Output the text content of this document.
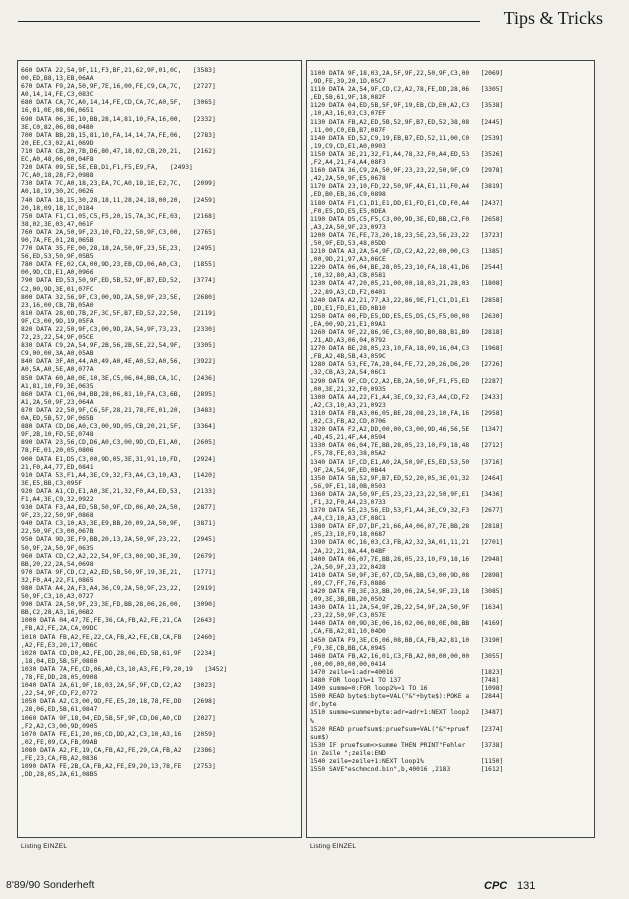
Tips & Tricks
660 DATA 22,54,9F,11,F3,BF,21,62,9F,01,0C,   [3583]
00,ED,B8,13,EB,06AA
670 DATA F9,2A,50,9F,7E,16,00,FE,C9,CA,7C,   [2727]
A0,14,14,FE,C3,083C
680 DATA CA,7C,A0,14,14,FE,CD,CA,7C,A0,5F,   [3065]
16,01,0E,08,06,0651
690 DATA 06,3E,10,BB,28,14,81,10,FA,16,00,   [2332]
3E,C0,82,06,08,0480
700 DATA BB,28,15,81,10,FA,14,14,7A,FE,06,   [2783]
20,EE,C3,02,A1,069D
710 DATA CB,20,7B,D6,80,47,18,02,CB,20,21,   [2162]
EC,A0,48,06,00,04F8
720 DATA 09,5E,5E,EB,D1,F1,F5,E9,FA,   [2493]
7C,A0,18,28,F2,0988
730 DATA 7C,A0,18,23,EA,7C,A0,18,1E,E2,7C,   [2099]
A0,18,19,30,2C,0626
740 DATA 18,15,30,28,18,11,28,24,18,00,20,   [2459]
20,18,09,18,1C,0184
750 DATA F1,C1,05,C5,F5,20,15,7A,3C,FE,03,   [2168]
38,02,3E,03,47,061F
760 DATA 2A,50,9F,23,10,FD,22,50,9F,C3,00,   [2765]
90,7A,FE,01,28,065B
770 DATA 35,FE,00,28,18,2A,50,9F,23,5E,23,   [2495]
56,ED,53,50,9F,05B5
780 DATA FE,02,CA,00,9D,23,EB,CD,06,A0,C3,   [1855]
00,9D,CD,E1,A0,0966
790 DATA ED,53,50,9F,ED,5B,52,9F,B7,ED,52,   [3774]
C2,00,9D,3E,01,07FC
800 DATA 32,56,9F,C3,00,9D,2A,50,9F,23,5E,   [2680]
23,16,00,CB,7B,05A0
810 DATA 28,0D,7B,2F,3C,5F,B7,ED,52,22,50,   [2119]
9F,C3,00,9D,19,05FA
820 DATA 22,50,9F,C3,00,9D,2A,54,9F,73,23,   [2330]
72,23,22,54,9F,05CE
830 DATA C9,2A,54,9F,2B,56,2B,5E,22,54,9F,   [3305]
C9,00,00,3A,A0,05AB
840 DATA 3F,A0,44,A0,49,A0,4E,A0,52,A0,56,   [3922]
A0,5A,A0,5E,A0,077A
850 DATA 60,A0,0E,10,3E,C5,06,04,BB,CA,1C,   [2436]
A1,81,10,F9,3E,0635
860 DATA C1,06,04,BB,28,06,81,10,FA,C3,6B,   [2895]
A1,2A,50,9F,23,064A
870 DATA 22,50,9F,C6,5F,28,21,78,FE,01,20,   [3483]
0A,ED,5B,57,9F,065B
880 DATA CD,D6,A0,C3,00,9D,05,CB,20,21,5F,   [3364]
9F,2B,10,FD,5E,0748
890 DATA 23,56,CD,D6,A0,C3,00,9D,CD,E1,A0,   [2605]
78,FE,01,20,05,0806
900 DATA E1,D5,C3,00,9D,05,3E,31,91,10,FD,   [2924]
21,F0,A4,77,ED,0841
910 DATA 53,F1,A4,3E,C9,32,F3,A4,C3,10,A3,   [1420]
3E,E5,BB,C3,095F
920 DATA A1,CD,E1,A0,3E,21,32,F0,A4,ED,53,   [2133]
F1,A4,3E,C9,32,0922
930 DATA F3,A4,ED,5B,50,9F,CD,06,A0,2A,50,   [2877]
9F,23,22,50,9F,0868
940 DATA C3,10,A3,3E,E9,BB,20,09,2A,50,9F,   [3871]
22,50,9F,C3,00,067B
950 DATA 9D,3E,F9,BB,20,13,2A,50,9F,23,22,   [2945]
50,9F,2A,50,9F,0635
960 DATA CD,C2,A2,22,54,9F,C3,00,9D,3E,39,   [2679]
BB,20,22,2A,54,0698
970 DATA 9F,CD,C2,A2,ED,5B,50,9F,19,3E,21,   [1771]
32,F0,A4,22,F1,0865
980 DATA A4,2A,F3,A4,36,C9,2A,50,9F,23,22,   [2919]
50,9F,C3,10,A3,0727
990 DATA 2A,50,9F,23,3E,FD,BB,28,06,26,00,   [3090]
BB,C2,28,A3,16,06B2
1000 DATA 04,47,7E,FE,36,CA,FB,A2,FE,21,CA   [2643]
,FB,A2,FE,2A,CA,09DC
1010 DATA FB,A2,FE,22,CA,FB,A2,FE,CB,CA,FB   [2460]
,A2,FE,E3,20,17,0B6C
1020 DATA CD,D0,A2,FE,DD,28,06,ED,5B,61,9F   [2234]
,18,04,ED,5B,5F,0860
1030 DATA 7A,FE,CD,06,A0,C3,10,A3,FE,F9,20,19   [3452]
,78,FE,DD,28,05,0908
1040 DATA 2A,61,9F,18,03,2A,5F,9F,CD,C2,A2   [3023]
,22,54,9F,CD,F2,0772
1050 DATA A2,C3,00,9D,FE,E5,20,18,78,FE,DD   [2698]
,28,06,ED,5B,61,0847
1060 DATA 9F,18,04,ED,5B,5F,9F,CD,D6,A0,CD   [2027]
,F2,A2,C3,00,9D,0905
1070 DATA FE,E1,20,06,CD,DD,A2,C3,10,A3,16   [2059]
,02,FE,09,CA,FB,09AB
1080 DATA A2,FE,19,CA,FB,A2,FE,29,CA,FB,A2   [2386]
,FE,23,CA,FB,A2,0836
1090 DATA FE,2B,CA,FB,A2,FE,E9,20,13,78,FE   [2753]
,DD,28,05,2A,61,08B5
Listing EINZEL
1100 DATA 9F,18,03,2A,5F,9F,22,50,9F,C3,00   [2069]
,9D,FE,39,20,1D,05C7
1110 DATA 2A,54,9F,CD,C2,A2,78,FE,DD,28,06   [3305]
,ED,5B,61,9F,18,082F
1120 DATA 04,ED,5B,5F,9F,19,EB,CD,E0,A2,C3   [3538]
,10,A3,16,03,C3,07EF
1130 DATA FB,A2,ED,5B,52,9F,B7,ED,52,38,08   [2445]
,11,00,C0,EB,B7,087F
1140 DATA ED,52,C9,19,EB,B7,ED,52,11,00,C0   [2539]
,19,C9,CD,E1,A0,0903
1150 DATA 3E,21,32,F1,A4,78,32,F0,A4,ED,53   [3526]
,F2,A4,21,F4,A4,08F3
1160 DATA 36,C9,2A,50,9F,23,23,22,50,9F,C9   [2978]
,42,2A,50,9F,E5,0678
1170 DATA 23,10,FD,22,50,9F,4A,E1,11,F0,A4   [3819]
,ED,B0,EB,36,C9,0898
1180 DATA F1,C1,D1,E1,DD,E1,FD,E1,CD,F0,A4   [2437]
,F0,E5,DD,E5,E5,0DEA
1190 DATA D5,C5,F5,C3,00,9D,3E,ED,BB,C2,F0   [2658]
,A3,2A,50,9F,23,0973
1200 DATA 7E,FE,73,20,18,23,5E,23,56,23,22   [3723]
,50,9F,ED,53,48,05DD
1210 DATA A3,2A,54,9F,CD,C2,A2,22,00,00,C3   [1385]
,00,9D,21,97,A3,06CE
1220 DATA 06,04,BE,28,05,23,10,FA,18,41,D6   [2544]
,10,32,80,A3,CB,0581
1230 DATA 47,20,05,21,00,00,18,03,21,28,03   [1808]
,22,89,A3,CD,F2,0401
1240 DATA A2,21,77,A3,22,86,9E,F1,C1,D1,E1   [2858]
,DD,E1,FD,E1,ED,0B10
1250 DATA 00,FD,E5,DD,E5,E5,D5,C5,F5,00,00   [2630]
,EA,00,9D,21,E1,09A1
1260 DATA 9F,22,86,9E,C3,00,9D,B0,B8,B1,B9   [2818]
,21,AD,A3,06,04,0792
1270 DATA BE,28,05,23,10,FA,18,09,16,04,C3   [1968]
,FB,A2,4B,5B,43,059C
1280 DATA 53,FE,7A,28,04,FE,72,20,26,D6,20   [2726]
,32,CB,A3,2A,54,06C1
1290 DATA 9F,CD,C2,A2,EB,2A,50,9F,F1,F5,ED   [2287]
,00,3E,21,32,F0,0935
1300 DATA A4,22,F1,A4,3E,C9,32,F3,A4,CD,F2   [2433]
,A2,C3,10,A3,21,0923
1310 DATA FB,A3,06,05,BE,28,08,23,10,FA,16   [2958]
,02,C3,FB,A2,CD,0706
1320 DATA F2,A2,DD,00,00,C3,00,9D,46,56,5E   [1347]
,4D,45,21,4F,A4,0594
1330 DATA 06,04,7E,BB,28,05,23,10,F9,18,48   [2712]
,F5,78,FE,03,38,05A2
1340 DATA 1F,CD,E1,A0,2A,50,9F,E5,ED,53,50   [3716]
,9F,2A,54,9F,ED,0B44
1350 DATA 5B,52,9F,B7,ED,52,20,05,3E,01,32   [2464]
,56,9F,E1,18,0B,0503
1360 DATA 2A,50,9F,E5,23,23,23,22,50,9F,E1   [3436]
,F1,32,F0,A4,23,0733
1370 DATA 5E,23,56,ED,53,F1,A4,3E,C9,32,F3   [2677]
,A4,C3,10,A3,CF,08C1
1380 DATA EF,D7,DF,21,66,A4,06,07,7E,BB,28   [2818]
,05,23,10,F9,18,0687
1390 DATA 0C,16,03,C3,FB,A2,32,3A,01,11,21   [2701]
,2A,22,21,8A,44,04BF
1400 DATA 06,07,7E,BB,28,05,23,10,F9,18,16   [2948]
,2A,50,9F,23,22,0428
1410 DATA 50,9F,3E,07,CD,5A,BB,C3,00,9D,08   [2898]
,09,C7,FF,76,F3,0886
1420 DATA FB,3E,33,BB,20,06,2A,54,9F,23,18   [3085]
,09,3E,3B,BB,20,0502
1430 DATA 11,2A,54,9F,2B,22,54,9F,2A,50,9F   [1634]
,23,22,50,9F,C3,057E
1440 DATA 00,9D,3E,06,16,02,06,08,0E,08,BB   [4169]
,CA,FB,A2,81,10,04D0
1450 DATA F9,3E,C6,06,08,BB,CA,FB,A2,81,10   [3190]
,F9,3E,CB,BB,CA,0945
1460 DATA FB,A2,16,01,C3,FB,A2,00,00,00,00   [3055]
,00,00,00,00,00,0414
1470 zeile=1:adr=40016                       [1823]
1480 FOR loop1%=1 TO 137                     [748]
1490 summe=0:FOR loop2%=1 TO 16              [1098]
1500 READ byte$:byte=VAL("&"+byte$):POKE a   [2844]
dr,byte
1510 summe=summe+byte:adr=adr+1:NEXT loop2   [3487]
%
1520 READ pruefsum$:pruefsum=VAL("&"+pruef   [2374]
sum$)
1530 IF pruefsum<>summe THEN PRINT"Fehler    [3738]
in Zeile ";zeile:END
1540 zeile=zeile+1:NEXT loop1%               [1150]
1550 SAVE"eschmcod.bin",b,40016 ,2183        [1612]
Listing EINZEL
8'89/90 Sonderheft	CPC 131
